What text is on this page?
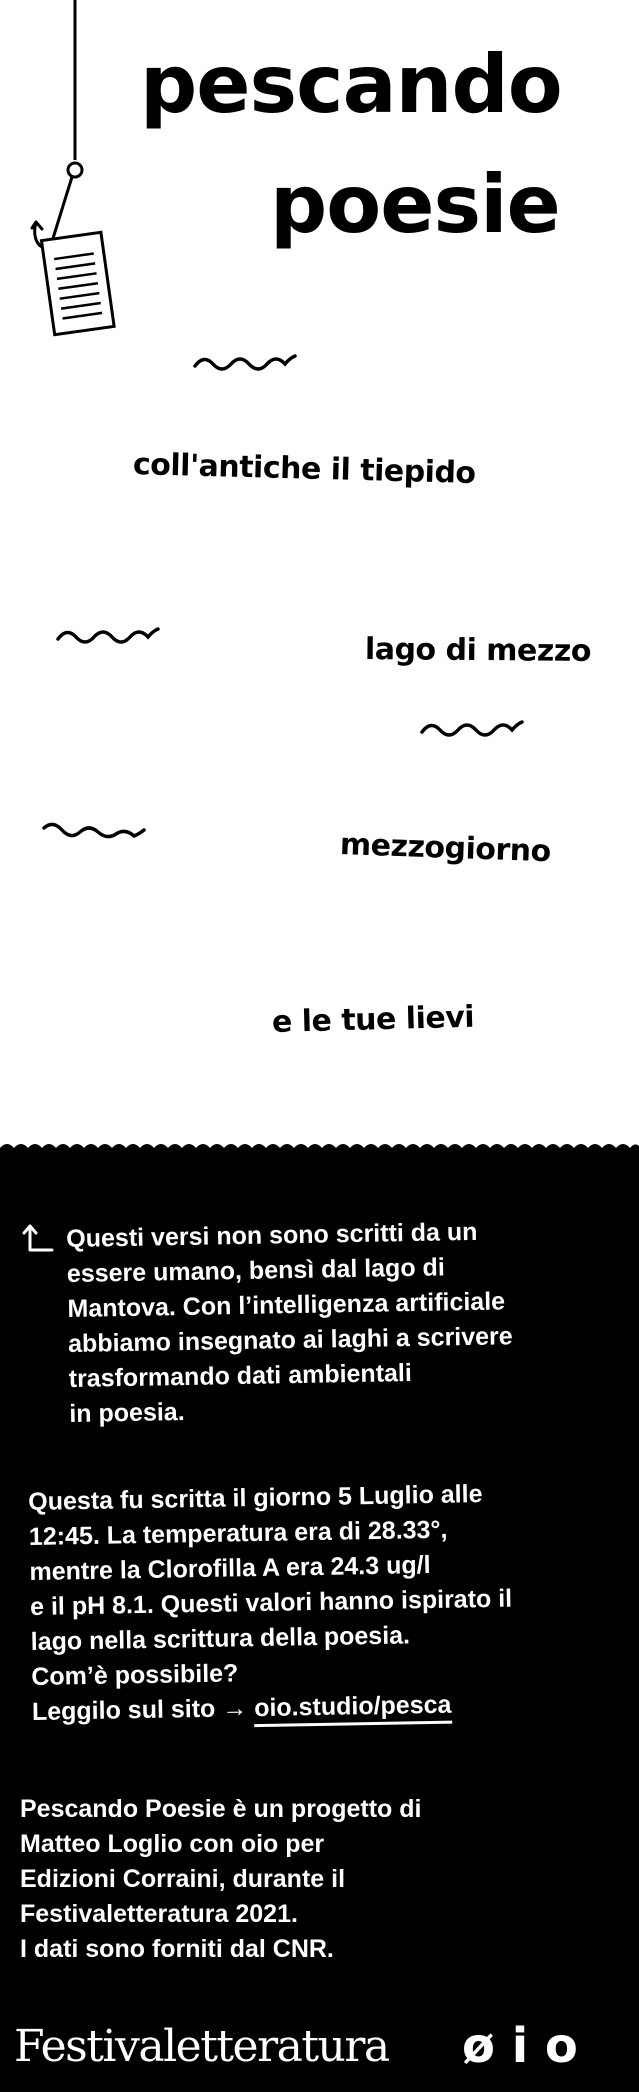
pescando
poesie
coll'antiche il tiepido
lago di mezzo
mezzogiorno
e le tue lievi
Questi versi non sono scritti da un
essere umano, bensì dal lago di
Mantova. Con l’intelligenza artificiale
abbiamo insegnato ai laghi a scrivere
trasformando dati ambientali
in poesia.
Questa fu scritta il giorno 5 Luglio alle
12:45. La temperatura era di 28.33°,
mentre la Clorofilla A era 24.3 ug/l
e il pH 8.1. Questi valori hanno ispirato il
lago nella scrittura della poesia.
Com’è possibile?
Leggilo sul sito → oio.studio/pesca
Pescando Poesie è un progetto di
Matteo Loglio con oio per
Edizioni Corraini, durante il
Festivaletteratura 2021.
I dati sono forniti dal CNR.
Festivaletteratura ø i o
